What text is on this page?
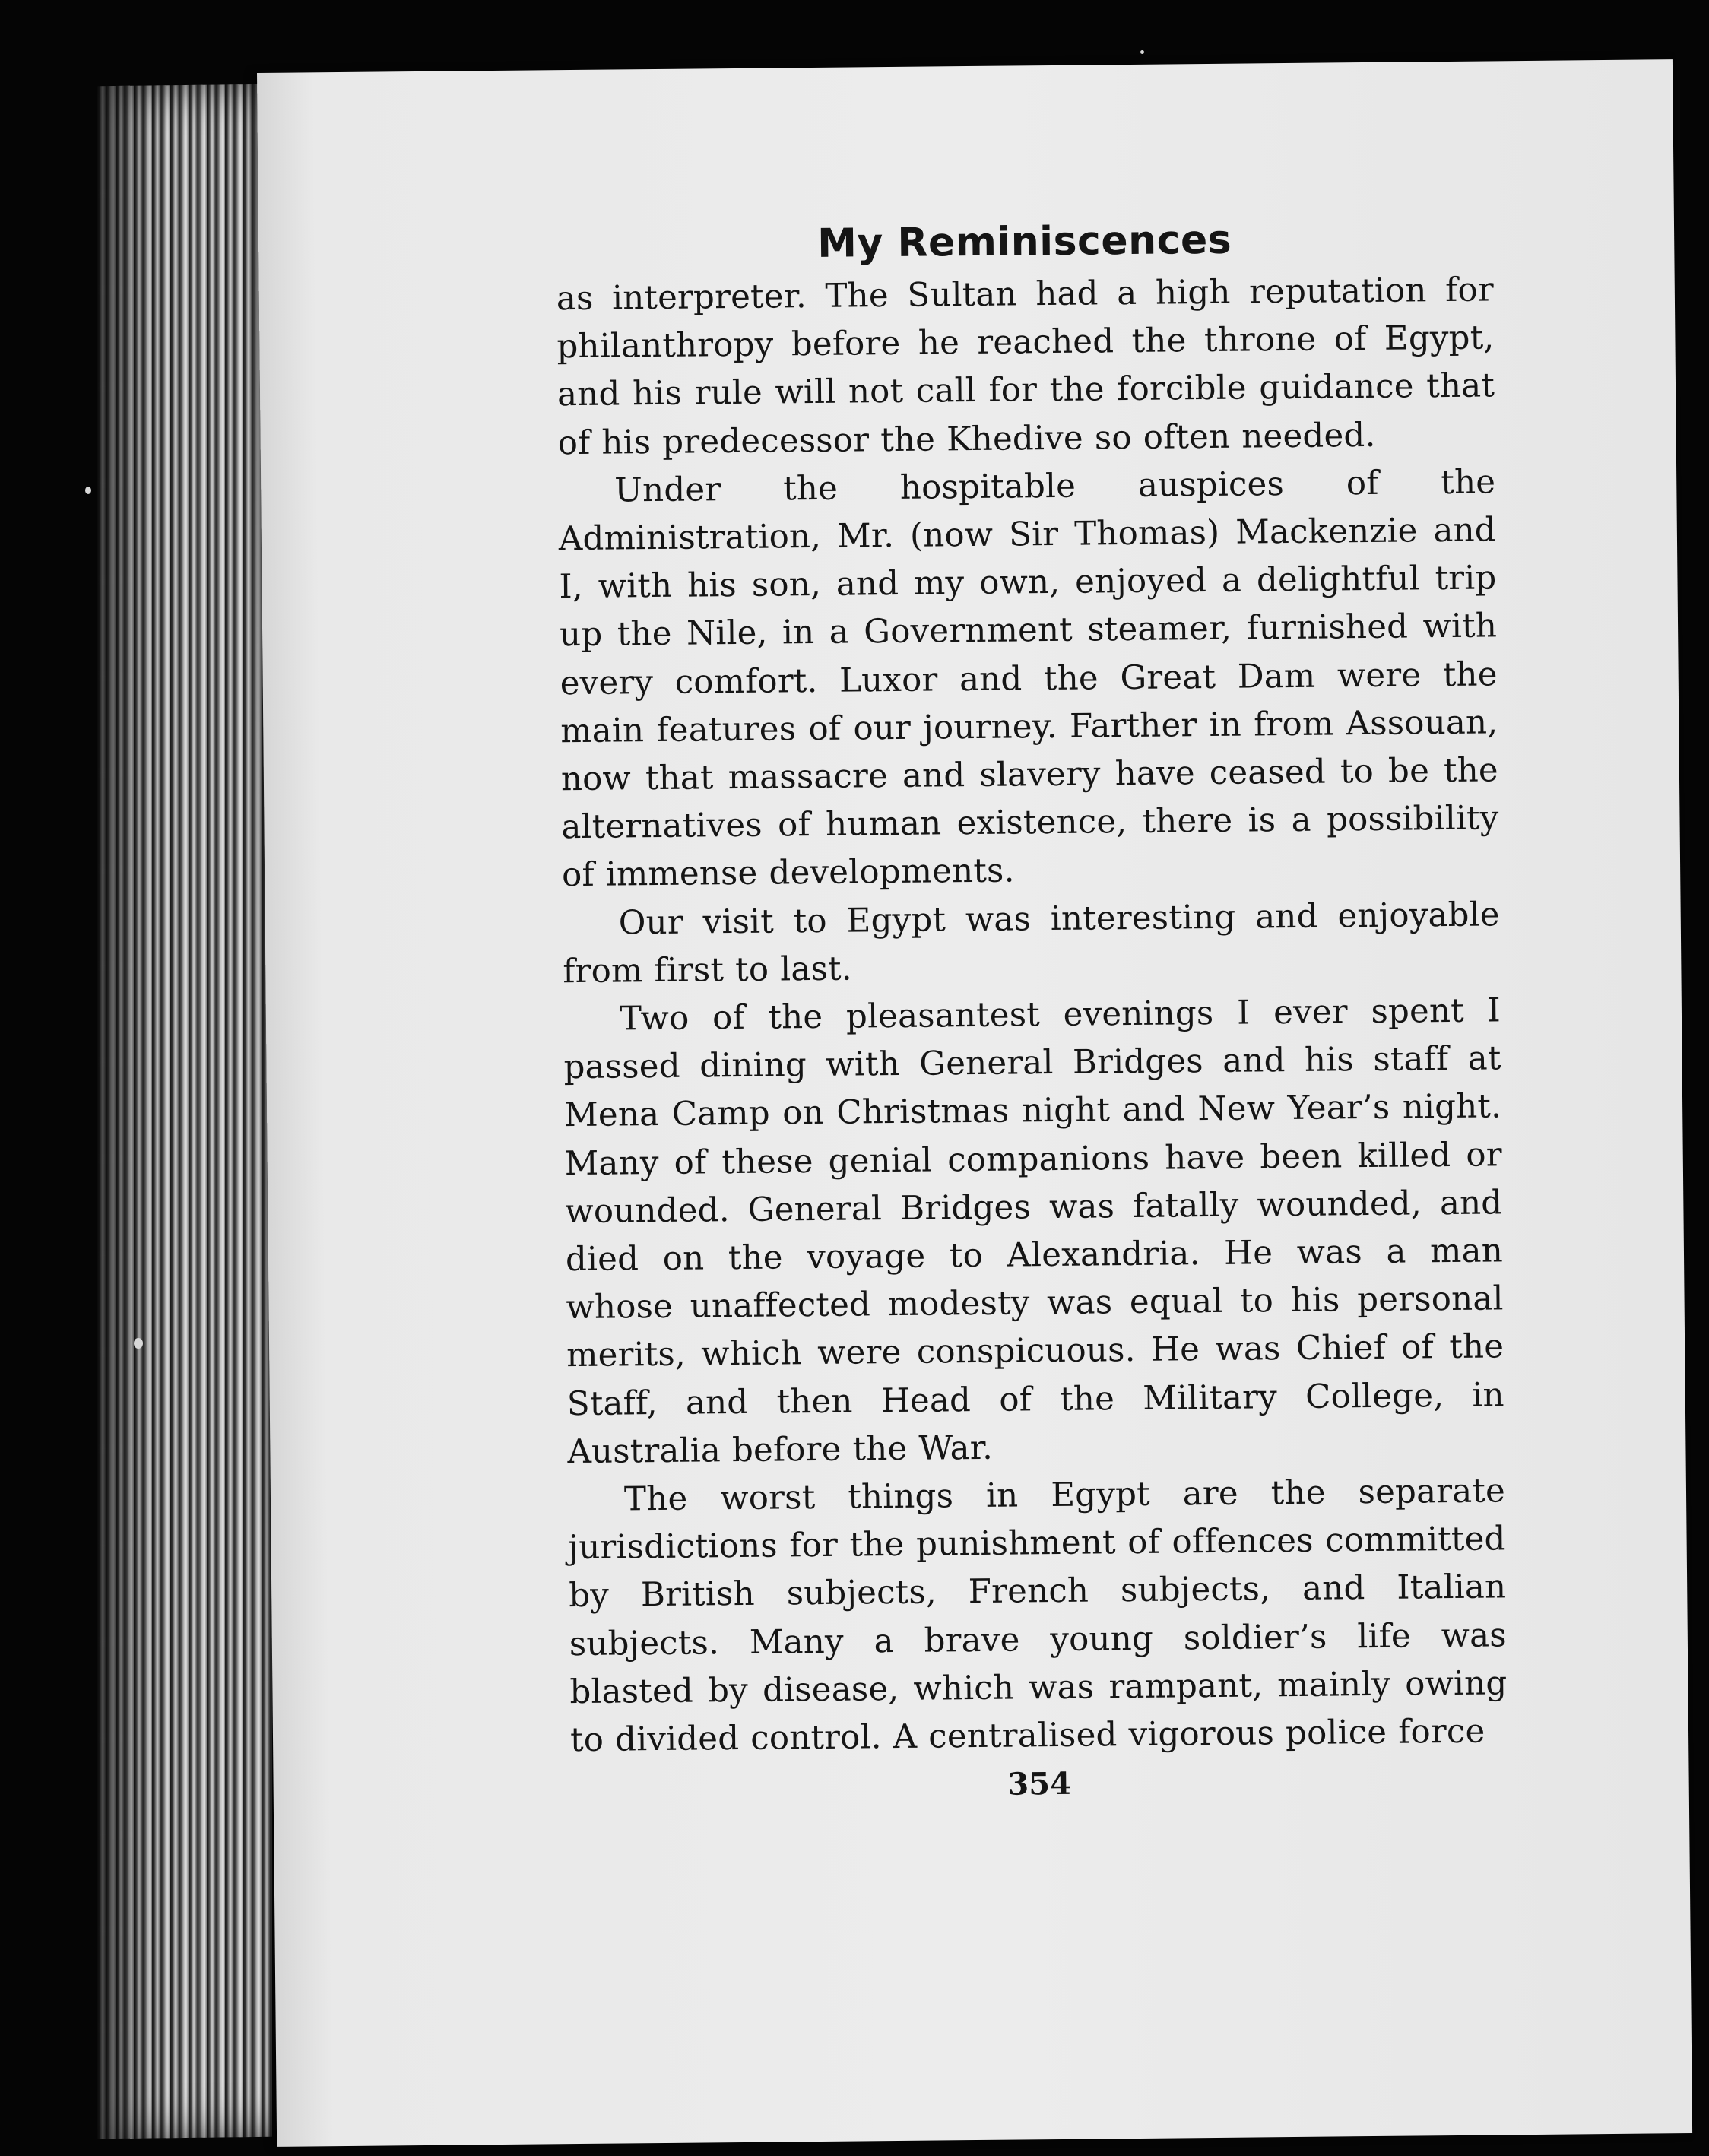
My Reminiscences

as interpreter. The Sultan had a high reputation for philanthropy before he reached the throne of Egypt, and his rule will not call for the forcible guidance that of his predecessor the Khedive so often needed.

Under the hospitable auspices of the Administration, Mr. (now Sir Thomas) Mackenzie and I, with his son, and my own, enjoyed a delightful trip up the Nile, in a Government steamer, furnished with every comfort. Luxor and the Great Dam were the main features of our journey. Farther in from Assouan, now that massacre and slavery have ceased to be the alternatives of human existence, there is a possibility of immense developments.

Our visit to Egypt was interesting and enjoyable from first to last.

Two of the pleasantest evenings I ever spent I passed dining with General Bridges and his staff at Mena Camp on Christmas night and New Year’s night. Many of these genial companions have been killed or wounded. General Bridges was fatally wounded, and died on the voyage to Alexandria. He was a man whose unaffected modesty was equal to his personal merits, which were conspicuous. He was Chief of the Staff, and then Head of the Military College, in Australia before the War.

The worst things in Egypt are the separate jurisdictions for the punishment of offences committed by British subjects, French subjects, and Italian subjects. Many a brave young soldier’s life was blasted by disease, which was rampant, mainly owing to divided control. A centralised vigorous police force

354
